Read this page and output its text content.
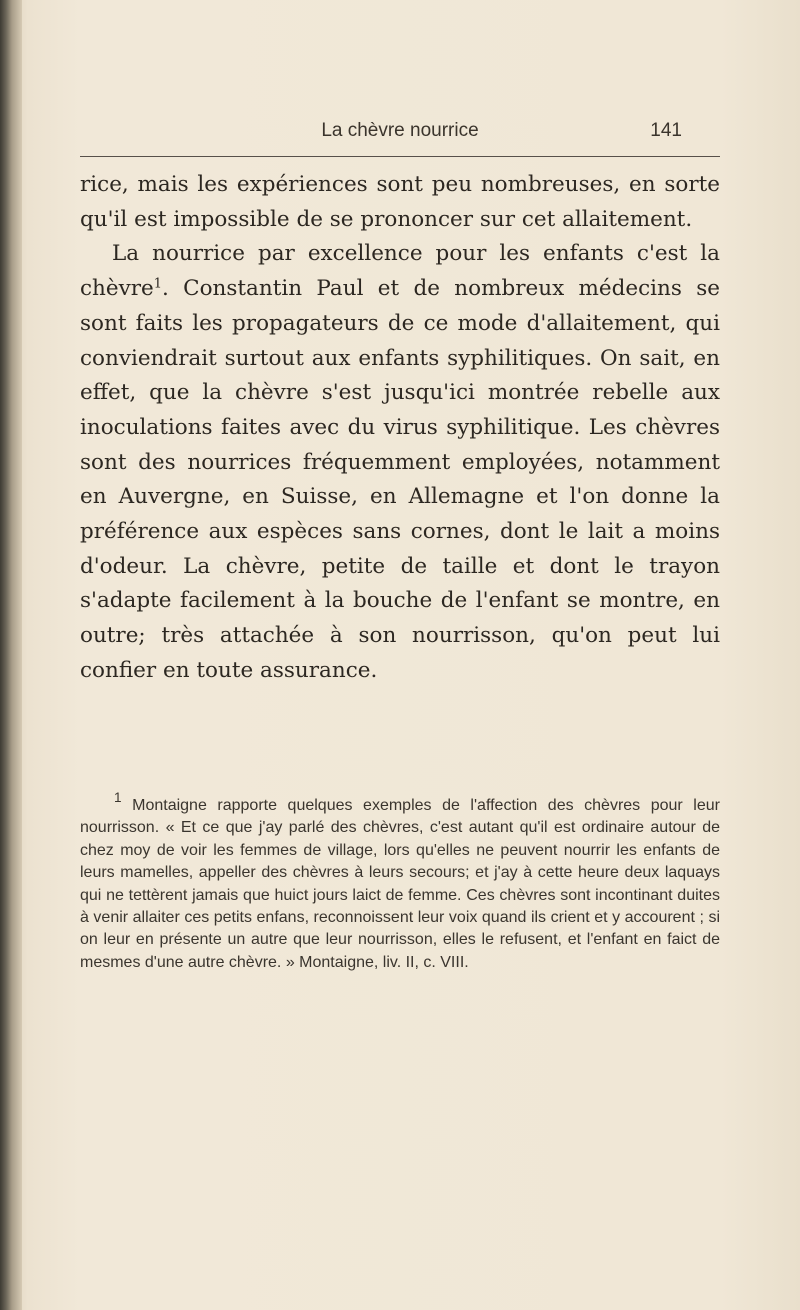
La chèvre nourrice	141

rice, mais les expériences sont peu nombreuses, en sorte qu'il est impossible de se prononcer sur cet allaitement.

La nourrice par excellence pour les enfants c'est la chèvre$^1$. Constantin Paul et de nombreux médecins se sont faits les propagateurs de ce mode d'allaitement, qui conviendrait surtout aux enfants syphilitiques. On sait, en effet, que la chèvre s'est jusqu'ici montrée rebelle aux inoculations faites avec du virus syphilitique. Les chèvres sont des nourrices fréquemment employées, notamment en Auvergne, en Suisse, en Allemagne et l'on donne la préférence aux espèces sans cornes, dont le lait a moins d'odeur. La chèvre, petite de taille et dont le trayon s'adapte facilement à la bouche de l'enfant se montre, en outre; très attachée à son nourrisson, qu'on peut lui confier en toute assurance.

$^1$ Montaigne rapporte quelques exemples de l'affection des chèvres pour leur nourrisson. « Et ce que j'ay parlé des chèvres, c'est autant qu'il est ordinaire autour de chez moy de voir les femmes de village, lors qu'elles ne peuvent nourrir les enfants de leurs mamelles, appeller des chèvres à leurs secours; et j'ay à cette heure deux laquays qui ne tettèrent jamais que huict jours laict de femme. Ces chèvres sont incontinant duites à venir allaiter ces petits enfans, reconnoissent leur voix quand ils crient et y accourent ; si on leur en présente un autre que leur nourrisson, elles le refusent, et l'enfant en faict de mesmes d'une autre chèvre. » Montaigne, liv. II, c. VIII.
